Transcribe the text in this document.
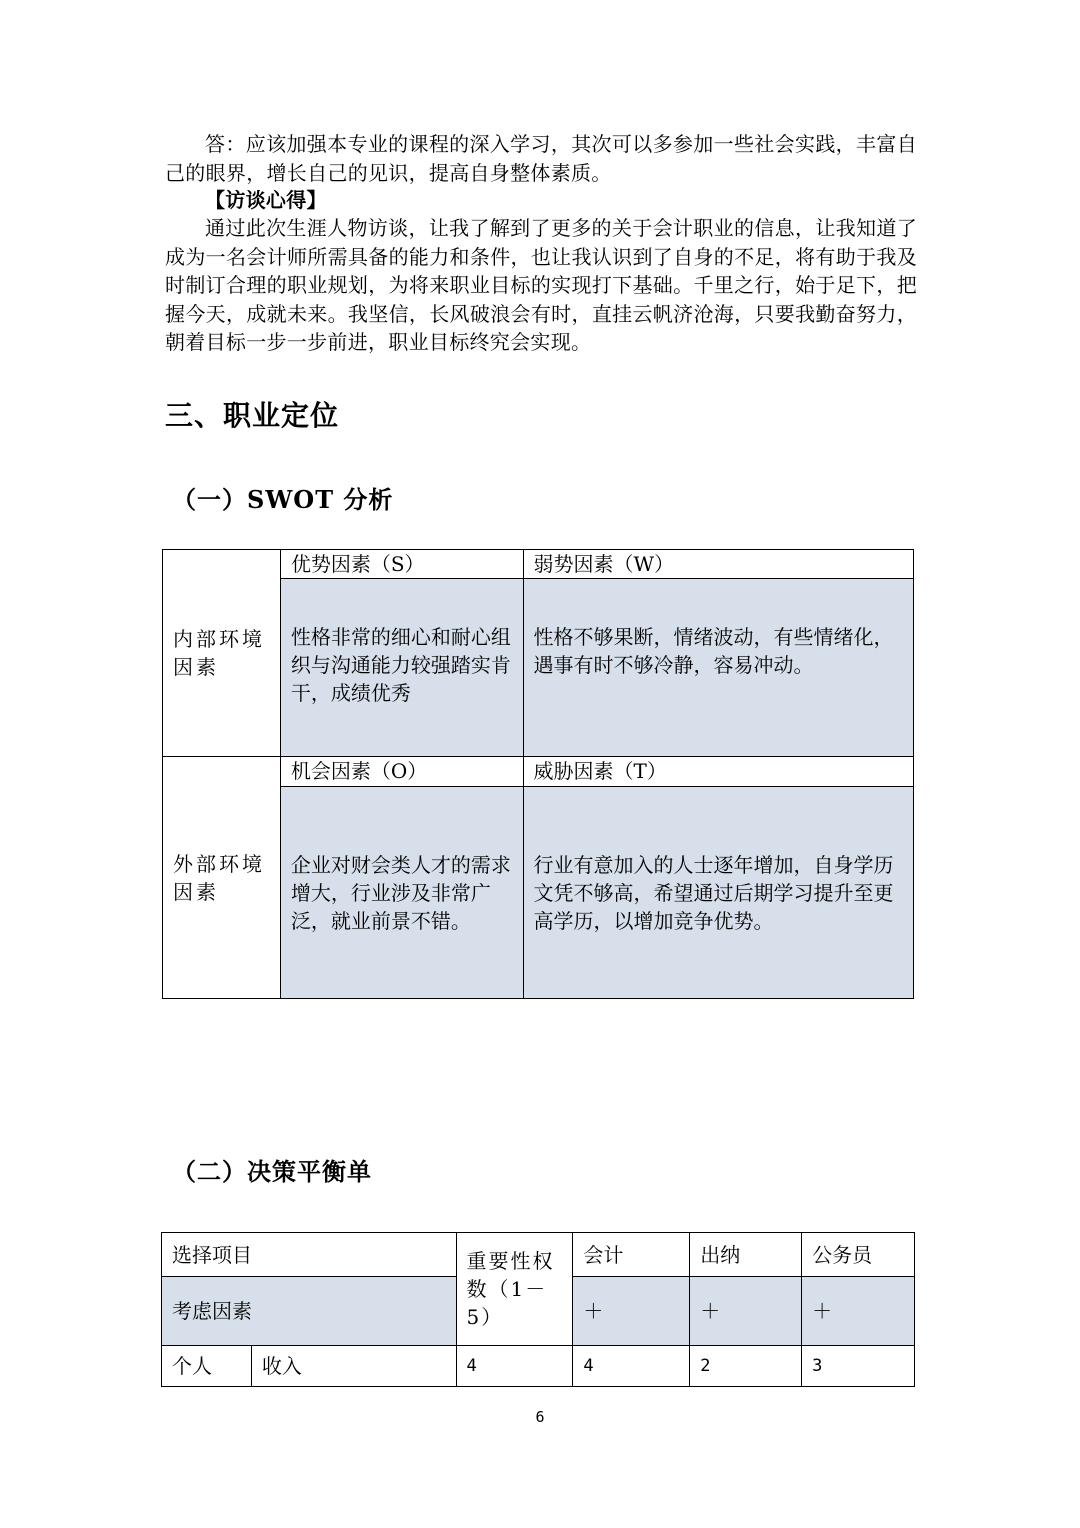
答：应该加强本专业的课程的深入学习，其次可以多参加一些社会实践，丰富自己的眼界，增长自己的见识，提高自身整体素质。
【访谈心得】
通过此次生涯人物访谈，让我了解到了更多的关于会计职业的信息，让我知道了成为一名会计师所需具备的能力和条件，也让我认识到了自身的不足，将有助于我及时制订合理的职业规划，为将来职业目标的实现打下基础。千里之行，始于足下，把握今天，成就未来。我坚信，长风破浪会有时，直挂云帆济沧海，只要我勤奋努力，朝着目标一步一步前进，职业目标终究会实现。
三、职业定位
（一）SWOT 分析
内部环境因素	优势因素（S）	弱势因素（W）
	性格非常的细心和耐心组织与沟通能力较强踏实肯干，成绩优秀	性格不够果断，情绪波动，有些情绪化，遇事有时不够冷静，容易冲动。
外部环境因素	机会因素（O）	威胁因素（T）
	企业对财会类人才的需求增大，行业涉及非常广泛，就业前景不错。	行业有意加入的人士逐年增加，自身学历文凭不够高，希望通过后期学习提升至更高学历，以增加竞争优势。
（二）决策平衡单
选择项目		重要性权数（1－5）	会计	出纳	公务员
考虑因素			＋	＋	＋
个人	收入	4	4	2	3
6
